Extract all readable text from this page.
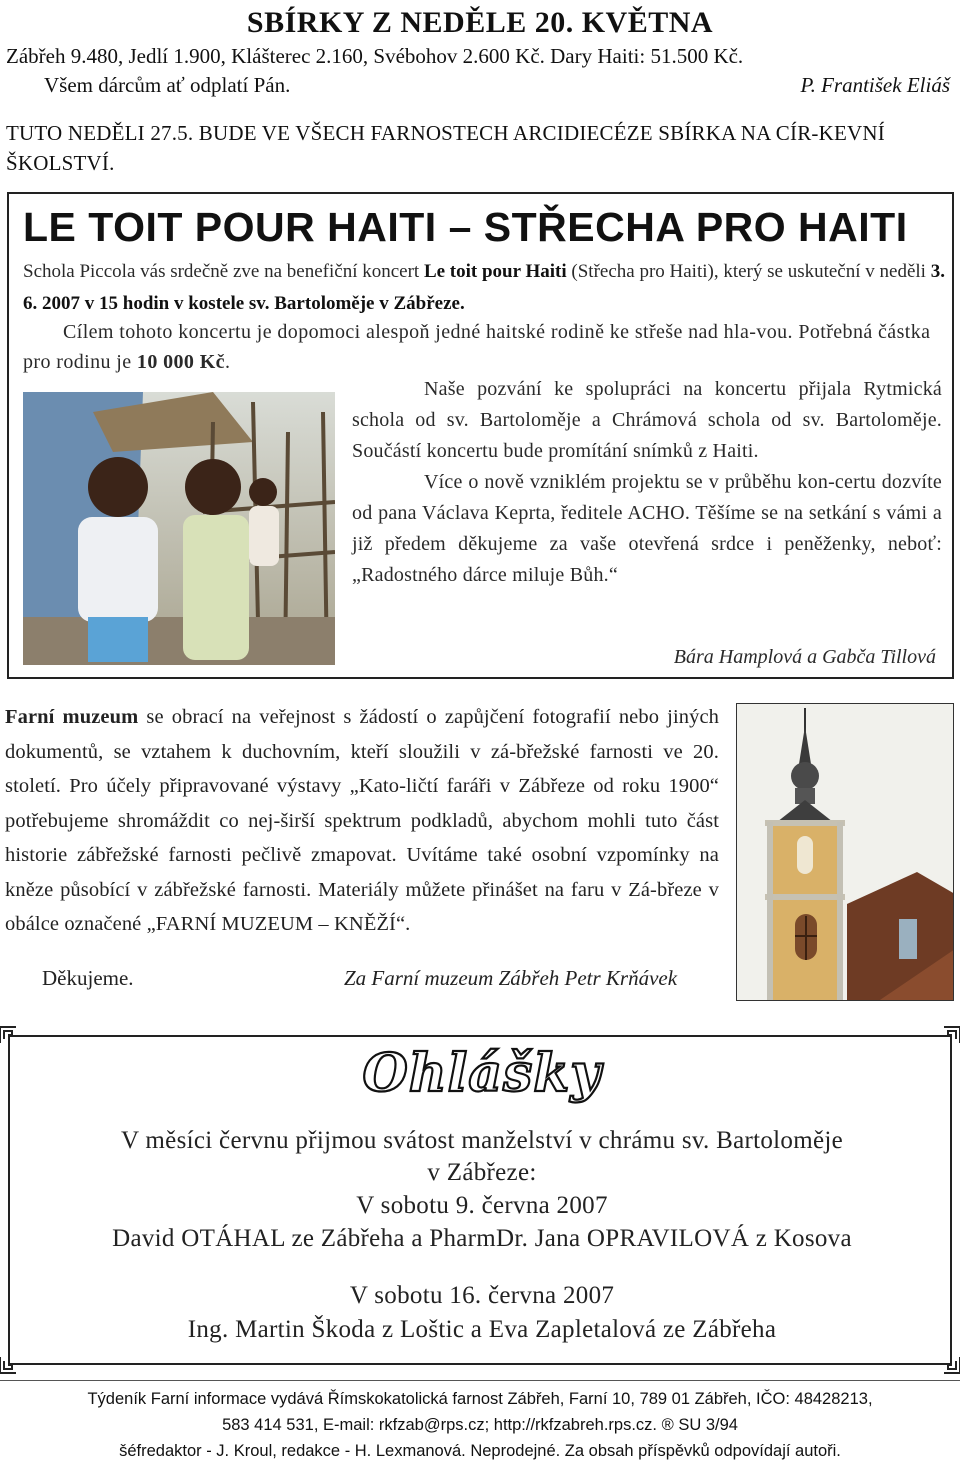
SBÍRKY Z NEDĚLE 20. KVĚTNA
Zábřeh 9.480, Jedlí 1.900, Klášterec 2.160, Svébohov 2.600 Kč. Dary Haiti: 51.500 Kč.
Všem dárcům ať odplatí Pán.	P. František Eliáš
TUTO NEDĚLI 27.5. BUDE VE VŠECH FARNOSTECH ARCIDIECÉZE SBÍRKA NA CÍR-KEVNÍ ŠKOLSTVÍ.
LE TOIT POUR HAITI – STŘECHA PRO HAITI

Schola Piccola vás srdečně zve na benefiční koncert Le toit pour Haiti (Střecha pro Haiti), který se uskuteční v neděli 3. 6. 2007 v 15 hodin v kostele sv. Bartoloměje v Zábřeze.

Cílem tohoto koncertu je dopomoci alespoň jedné haitské rodině ke střeše nad hla-vou. Potřebná částka pro rodinu je 10 000 Kč.

Naše pozvání ke spolupráci na koncertu přijala Rytmická schola od sv. Bartoloměje a Chrámová schola od sv. Bartoloměje. Součástí koncertu bude promítání snímků z Haiti.

Více o nově vzniklém projektu se v průběhu kon-certu dozvíte od pana Václava Keprta, ředitele ACHO. Těšíme se na setkání s vámi a již předem děkujeme za vaše otevřená srdce i peněženky, neboť: „Radostného dárce miluje Bůh.“

Bára Hamplová a Gabča Tillová

Farní muzeum se obrací na veřejnost s žádostí o zapůjčení fotografií nebo jiných dokumentů, se vztahem k duchovním, kteří sloužili v zá-břežské farnosti ve 20. století. Pro účely připravované výstavy „Kato-ličtí faráři v Zábřeze od roku 1900“ potřebujeme shromáždit co nej-širší spektrum podkladů, abychom mohli tuto část historie zábřežské farnosti pečlivě zmapovat. Uvítáme také osobní vzpomínky na kněze působící v zábřežské farnosti. Materiály můžete přinášet na faru v Zá-březe v obálce označené „FARNÍ MUZEUM – KNĚŽÍ“.

Děkujeme.	Za Farní muzeum Zábřeh Petr Krňávek
Ohlášky
V měsíci červnu přijmou svátost manželství v chrámu sv. Bartoloměje
v Zábřeze:
V sobotu 9. června 2007
David OTÁHAL ze Zábřeha a PharmDr. Jana OPRAVILOVÁ z Kosova
V sobotu 16. června 2007
Ing. Martin Škoda z Loštic a Eva Zapletalová ze Zábřeha
Týdeník Farní informace vydává Římskokatolická farnost Zábřeh, Farní 10, 789 01 Zábřeh, IČO: 48428213,
583 414 531, E-mail: rkfzab@rps.cz; http://rkfzabreh.rps.cz. ® SU 3/94
šéfredaktor - J. Kroul, redakce - H. Lexmanová. Neprodejné. Za obsah příspěvků odpovídají autoři.
